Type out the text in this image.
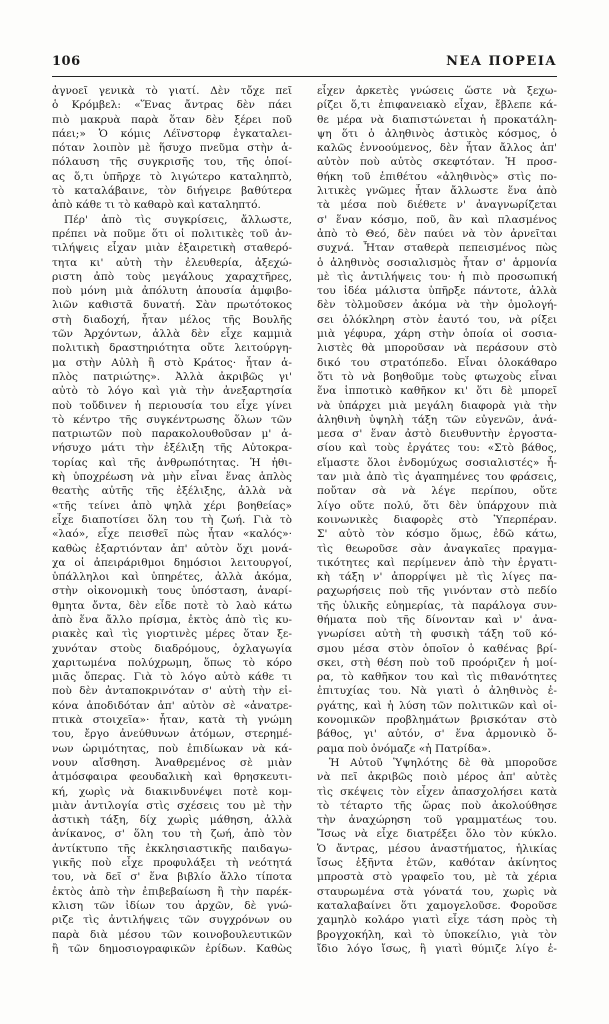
106	ΝΕΑ ΠΟΡΕΙΑ
ἀγνοεῖ γενικὰ τὸ γιατί. Δὲν τὄχε πεῖ
ὁ Κρόμβελ: «Ἕνας ἄντρας δὲν πάει
πιὸ μακρυὰ παρὰ ὅταν δὲν ξέρει ποῦ
πάει;» Ὁ κόμις Λέϊνστορφ ἐγκαταλει-
πόταν λοιπὸν μὲ ἥσυχο πνεῦμα στὴν ἀ-
πόλαυση τῆς συγκρισῆς του, τῆς ὁποί-
ας ὅ,τι ὑπῆρχε τὸ λιγώτερο καταληπτὸ,
τὸ καταλάβαινε, τὸν διήγειρε βαθύτερα
ἀπὸ κάθε τι τὸ καθαρὸ καὶ καταληπτό.
Πέρ' ἀπὸ τὶς συγκρίσεις, ἄλλωστε,
πρέπει νὰ ποῦμε ὅτι οἱ πολιτικὲς τοῦ ἀν-
τιλήψεις εἶχαν μιὰν ἐξαιρετικὴ σταθερό-
τητα κι' αὐτὴ τὴν ἐλευθερία, ἀξεχώ-
ριστη ἀπὸ τοὺς μεγάλους χαραχτῆρες,
ποὺ μόνη μιὰ ἀπόλυτη ἀπουσία ἀμφιβο-
λιῶν καθιστᾶ δυνατή. Σὰν πρωτότοκος
στὴ διαδοχή, ἦταν μέλος τῆς Βουλῆς
τῶν Ἀρχόντων, ἀλλὰ δὲν εἶχε καμμιὰ
πολιτικὴ δραστηριότητα οὔτε λειτούργη-
μα στὴν Αὐλὴ ἢ στὸ Κράτος· ἦταν ἁ-
πλὸς πατριώτης». Ἀλλὰ ἀκριβῶς γι'
αὐτὸ τὸ λόγο καὶ γιὰ τὴν ἀνεξαρτησία
ποὺ τοὔδινεν ἡ περιουσία του εἶχε γίνει
τὸ κέντρο τῆς συγκέντρωσης ὅλων τῶν
πατριωτῶν ποὺ παρακολουθοῦσαν μ' ἀ-
νήσυχο μάτι τὴν ἐξέλιξη τῆς Αὐτοκρα-
τορίας καὶ τῆς ἀνθρωπότητας. Ἡ ἠθι-
κὴ ὑποχρέωση νὰ μὴν εἶναι ἕνας ἁπλὸς
θεατὴς αὐτῆς τῆς ἐξέλιξης, ἀλλὰ νὰ
«τῆς τείνει ἀπὸ ψηλὰ χέρι βοηθείας»
εἶχε διαποτίσει ὅλη του τὴ ζωή. Γιὰ τὸ
«λαό», εἶχε πεισθεῖ πὼς ἦταν «καλός»·
καθὼς ἐξαρτιόνταν ἀπ' αὐτὸν ὅχι μονά-
χα οἱ ἀπειράριθμοι δημόσιοι λειτουργοί,
ὑπάλληλοι καὶ ὑπηρέτες, ἀλλὰ ἀκόμα,
στὴν οἰκονομικὴ τους ὑπόσταση, ἀναρί-
θμητα ὄντα, δὲν εἶδε ποτὲ τὸ λαὸ κάτω
ἀπὸ ἕνα ἄλλο πρίσμα, ἐκτὸς ἀπὸ τὶς κυ-
ριακὲς καὶ τὶς γιορτινὲς μέρες ὅταν ξε-
χυνόταν στοὺς διαδρόμους, ὀχλαγωγία
χαριτωμένα πολύχρωμη, ὅπως τὸ κόρο
μιᾶς ὄπερας. Γιὰ τὸ λόγο αὐτὸ κάθε τι
ποὺ δὲν ἀνταποκρινόταν σ' αὐτὴ τὴν εἰ-
κόνα ἀποδιδόταν ἀπ' αὐτὸν σὲ «ἀνατρε-
πτικὰ στοιχεῖα»· ἦταν, κατὰ τὴ γνώμη
του, ἔργο ἀνεύθυνων ἀτόμων, στερημέ-
νων ὡριμότητας, ποὺ ἐπιδίωκαν νὰ κά-
νουν αἴσθηση. Ἀναθρεμένος σὲ μιὰν
ἀτμόσφαιρα φεουδαλικὴ καὶ θρησκευτι-
κή, χωρὶς νὰ διακινδυνέψει ποτὲ κομ-
μιὰν ἀντιλογία στὶς σχέσεις του μὲ τὴν
ἀστικὴ τάξη, δίχ χωρὶς μάθηση, ἀλλὰ
ἀνίκανος, σ' ὅλη του τὴ ζωή, ἀπὸ τὸν
ἀντίκτυπο τῆς ἐκκλησιαστικῆς παιδαγω-
γικῆς ποὺ εἶχε προφυλάξει τὴ νεότητά
του, νὰ δεῖ σ' ἕνα βιβλίο ἄλλο τίποτα
ἐκτὸς ἀπὸ τὴν ἐπιβεβαίωση ἢ τὴν παρέκ-
κλιση τῶν ἰδίων του ἀρχῶν, δὲ γνώ-
ριζε τὶς ἀντιλήψεις τῶν συγχρόνων ου
παρὰ διὰ μέσου τῶν κοινοβουλευτικῶν
ἢ τῶν δημοσιογραφικῶν ἐρίδων. Καθὼς
εἶχεν ἀρκετὲς γνώσεις ὥστε νὰ ξεχω-
ρίζει ὅ,τι ἐπιφανειακὸ εἶχαν, ἔβλεπε κά-
θε μέρα νὰ διαπιστώνεται ἡ προκατάλη-
ψη ὅτι ὁ ἀληθινὸς ἀστικὸς κόσμος, ὁ
καλῶς ἐννοούμενος, δὲν ἦταν ἄλλος ἀπ'
αὐτὸν ποὺ αὐτὸς σκεφτόταν. Ἡ προσ-
θήκη τοῦ ἐπιθέτου «ἀληθινὸς» στὶς πο-
λιτικὲς γνῶμες ἦταν ἄλλωστε ἕνα ἀπὸ
τὰ μέσα ποὺ διέθετε ν' ἀναγνωρίζεται
σ' ἕναν κόσμο, ποῦ, ἂν καὶ πλασμένος
ἀπὸ τὸ Θεό, δὲν παύει νὰ τὸν ἀρνεῖται
συχνά. Ἦταν σταθερὰ πεπεισμένος πὼς
ὁ ἀληθινὸς σοσιαλισμὸς ἦταν σ' ἁρμονία
μὲ τὶς ἀντιλήψεις του· ἡ πιὸ προσωπική
του ἰδέα μάλιστα ὑπῆρξε πάντοτε, ἀλλὰ
δὲν τὸλμοῦσεν ἀκόμα νὰ τὴν ὁμολογή-
σει ὁλόκληρη στὸν ἑαυτό του, νὰ ρίξει
μιὰ γέφυρα, χάρη στὴν ὁποία οἱ σοσια-
λιστὲς θὰ μποροῦσαν νὰ περάσουν στὸ
δικό του στρατόπεδο. Εἶναι ὁλοκάθαρο
ὅτι τὸ νὰ βοηθοῦμε τοὺς φτωχοὺς εἶναι
ἕνα ἱπποτικὸ καθῆκον κι' ὅτι δὲ μπορεῖ
νὰ ὑπάρχει μιὰ μεγάλη διαφορὰ γιὰ τὴν
ἀληθινὴ ὑψηλὴ τάξη τῶν εὐγενῶν, ἀνά-
μεσα σ' ἕναν ἀστὸ διευθυντὴν ἐργοστα-
σίου καὶ τοὺς ἐργάτες του: «Στὸ βάθος,
εἴμαστε ὅλοι ἐνδομύχως σοσιαλιστές» ἦ-
ταν μιὰ ἀπὸ τὶς ἀγαπημένες του φράσεις,
ποὔταν σὰ νὰ λέγε περίπου, οὔτε
λίγο οὔτε πολύ, ὅτι δὲν ὑπάρχουν πιὰ
κοινωνικὲς διαφορὲς στὸ Ὑπερπέραν.
Σ' αὐτὸ τὸν κόσμο ὅμως, ἐδῶ κάτω,
τὶς θεωροῦσε σὰν ἀναγκαῖες πραγμα-
τικότητες καὶ περίμενεν ἀπὸ τὴν ἐργατι-
κὴ τάξη ν' ἀπορρίψει μὲ τὶς λίγες πα-
ραχωρήσεις ποὺ τῆς γινόνταν στὸ πεδίο
τῆς ὑλικῆς εὐημερίας, τὰ παράλογα συν-
θήματα ποὺ τῆς δίνονταν καὶ ν' ἀνα-
γνωρίσει αὐτὴ τὴ φυσικὴ τάξη τοῦ κό-
σμου μέσα στὸν ὁποῖον ὁ καθένας βρί-
σκει, στὴ θέση ποὺ τοῦ προόριζεν ἡ μοί-
ρα, τὸ καθῆκον του καὶ τὶς πιθανότητες
ἐπιτυχίας του. Νὰ γιατὶ ὁ ἀληθινὸς ἐ-
ργάτης, καὶ ἡ λύση τῶν πολιτικῶν καὶ οἰ-
κονομικῶν προβλημάτων βρισκόταν στὸ
βάθος, γι' αὐτόν, σ' ἕνα ἁρμονικὸ ὅ-
ραμα ποὺ ὀνόμαζε «ἡ Πατρίδα».
Ἡ Αὐτοῦ Ὑψηλότης δὲ θὰ μποροῦσε
νὰ πεῖ ἀκριβῶς ποιὸ μέρος ἀπ' αὐτὲς
τὶς σκέψεις τὸν εἶχεν ἀπασχολήσει κατὰ
τὸ τέταρτο τῆς ὥρας ποὺ ἀκολούθησε
τὴν ἀναχώρηση τοῦ γραμματέως του.
Ἴσως νὰ εἶχε διατρέξει ὅλο τὸν κύκλο.
Ὁ ἄντρας, μέσου ἀναστήματος, ἡλικίας
ἴσως ἑξῆντα ἐτῶν, καθόταν ἀκίνητος
μπροστὰ στὸ γραφεῖο του, μὲ τὰ χέρια
σταυρωμένα στὰ γόνατά του, χωρὶς νὰ
καταλαβαίνει ὅτι χαμογελοῦσε. Φοροῦσε
χαμηλὸ κολάρο γιατὶ εἶχε τάση πρὸς τὴ
βρογχοκήλη, καὶ τὸ ὑποκείλιο, γιὰ τὸν
ἴδιο λόγο ἴσως, ἢ γιατὶ θύμιζε λίγο ἐ-
